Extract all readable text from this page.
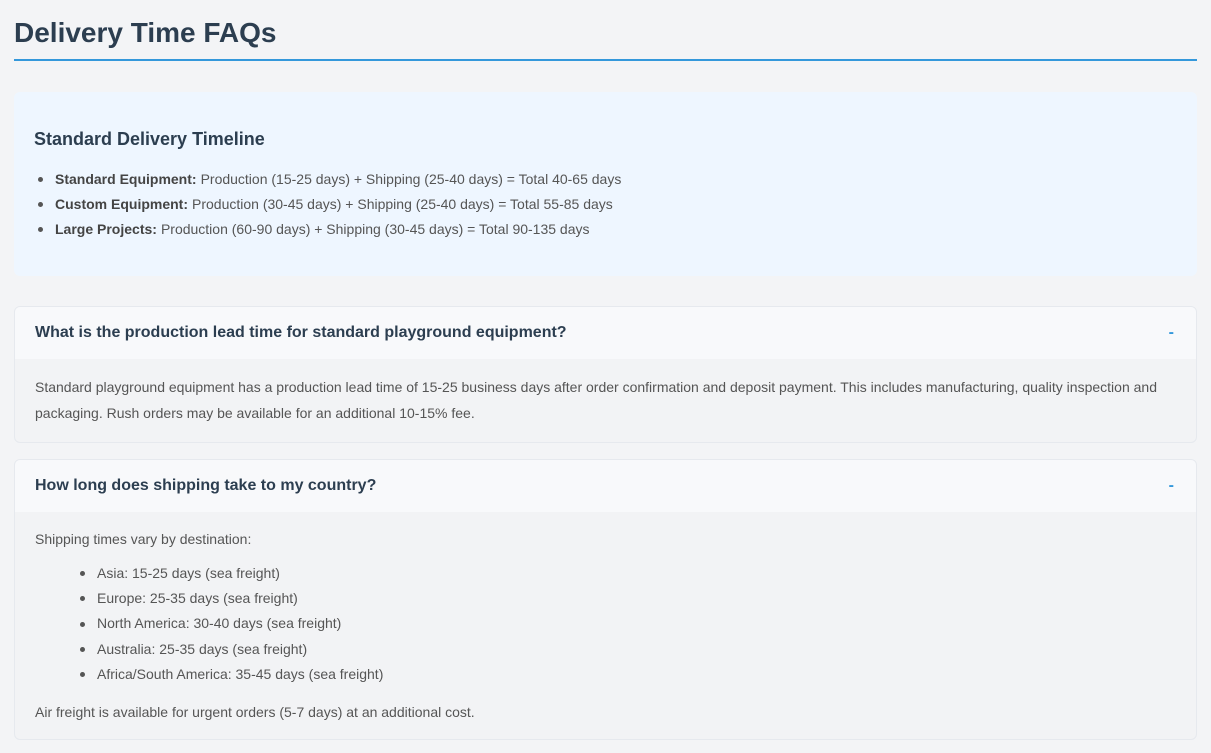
Delivery Time FAQs
Standard Delivery Timeline
Standard Equipment: Production (15-25 days) + Shipping (25-40 days) = Total 40-65 days
Custom Equipment: Production (30-45 days) + Shipping (25-40 days) = Total 55-85 days
Large Projects: Production (60-90 days) + Shipping (30-45 days) = Total 90-135 days
What is the production lead time for standard playground equipment?	-

Standard playground equipment has a production lead time of 15-25 business days after order confirmation and deposit payment. This includes manufacturing, quality inspection and packaging. Rush orders may be available for an additional 10-15% fee.

How long does shipping take to my country?	-

Shipping times vary by destination:

Asia: 15-25 days (sea freight)
Europe: 25-35 days (sea freight)
North America: 30-40 days (sea freight)
Australia: 25-35 days (sea freight)
Africa/South America: 35-45 days (sea freight)

Air freight is available for urgent orders (5-7 days) at an additional cost.
